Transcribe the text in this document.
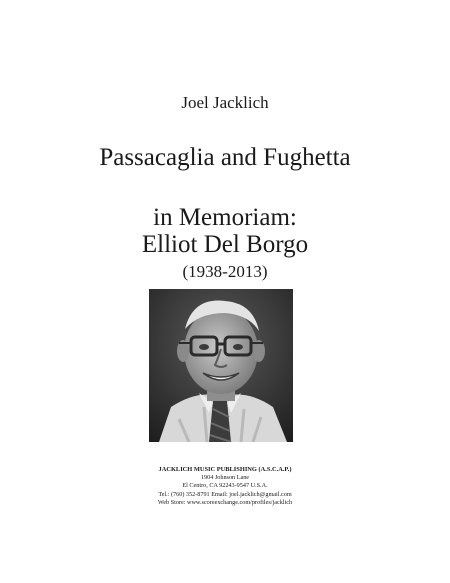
Joel Jacklich
Passacaglia and Fughetta
in Memoriam:
Elliot Del Borgo
(1938-2013)
JACKLICH MUSIC PUBLISHING (A.S.C.A.P.)
1904 Johnson Lane
El Centro, CA 92243-9547 U.S.A.
Tel.: (760) 352-8791 Email: joel.jacklich@gmail.com
Web Store: www.scoreexchange.com/profiles/jacklich
